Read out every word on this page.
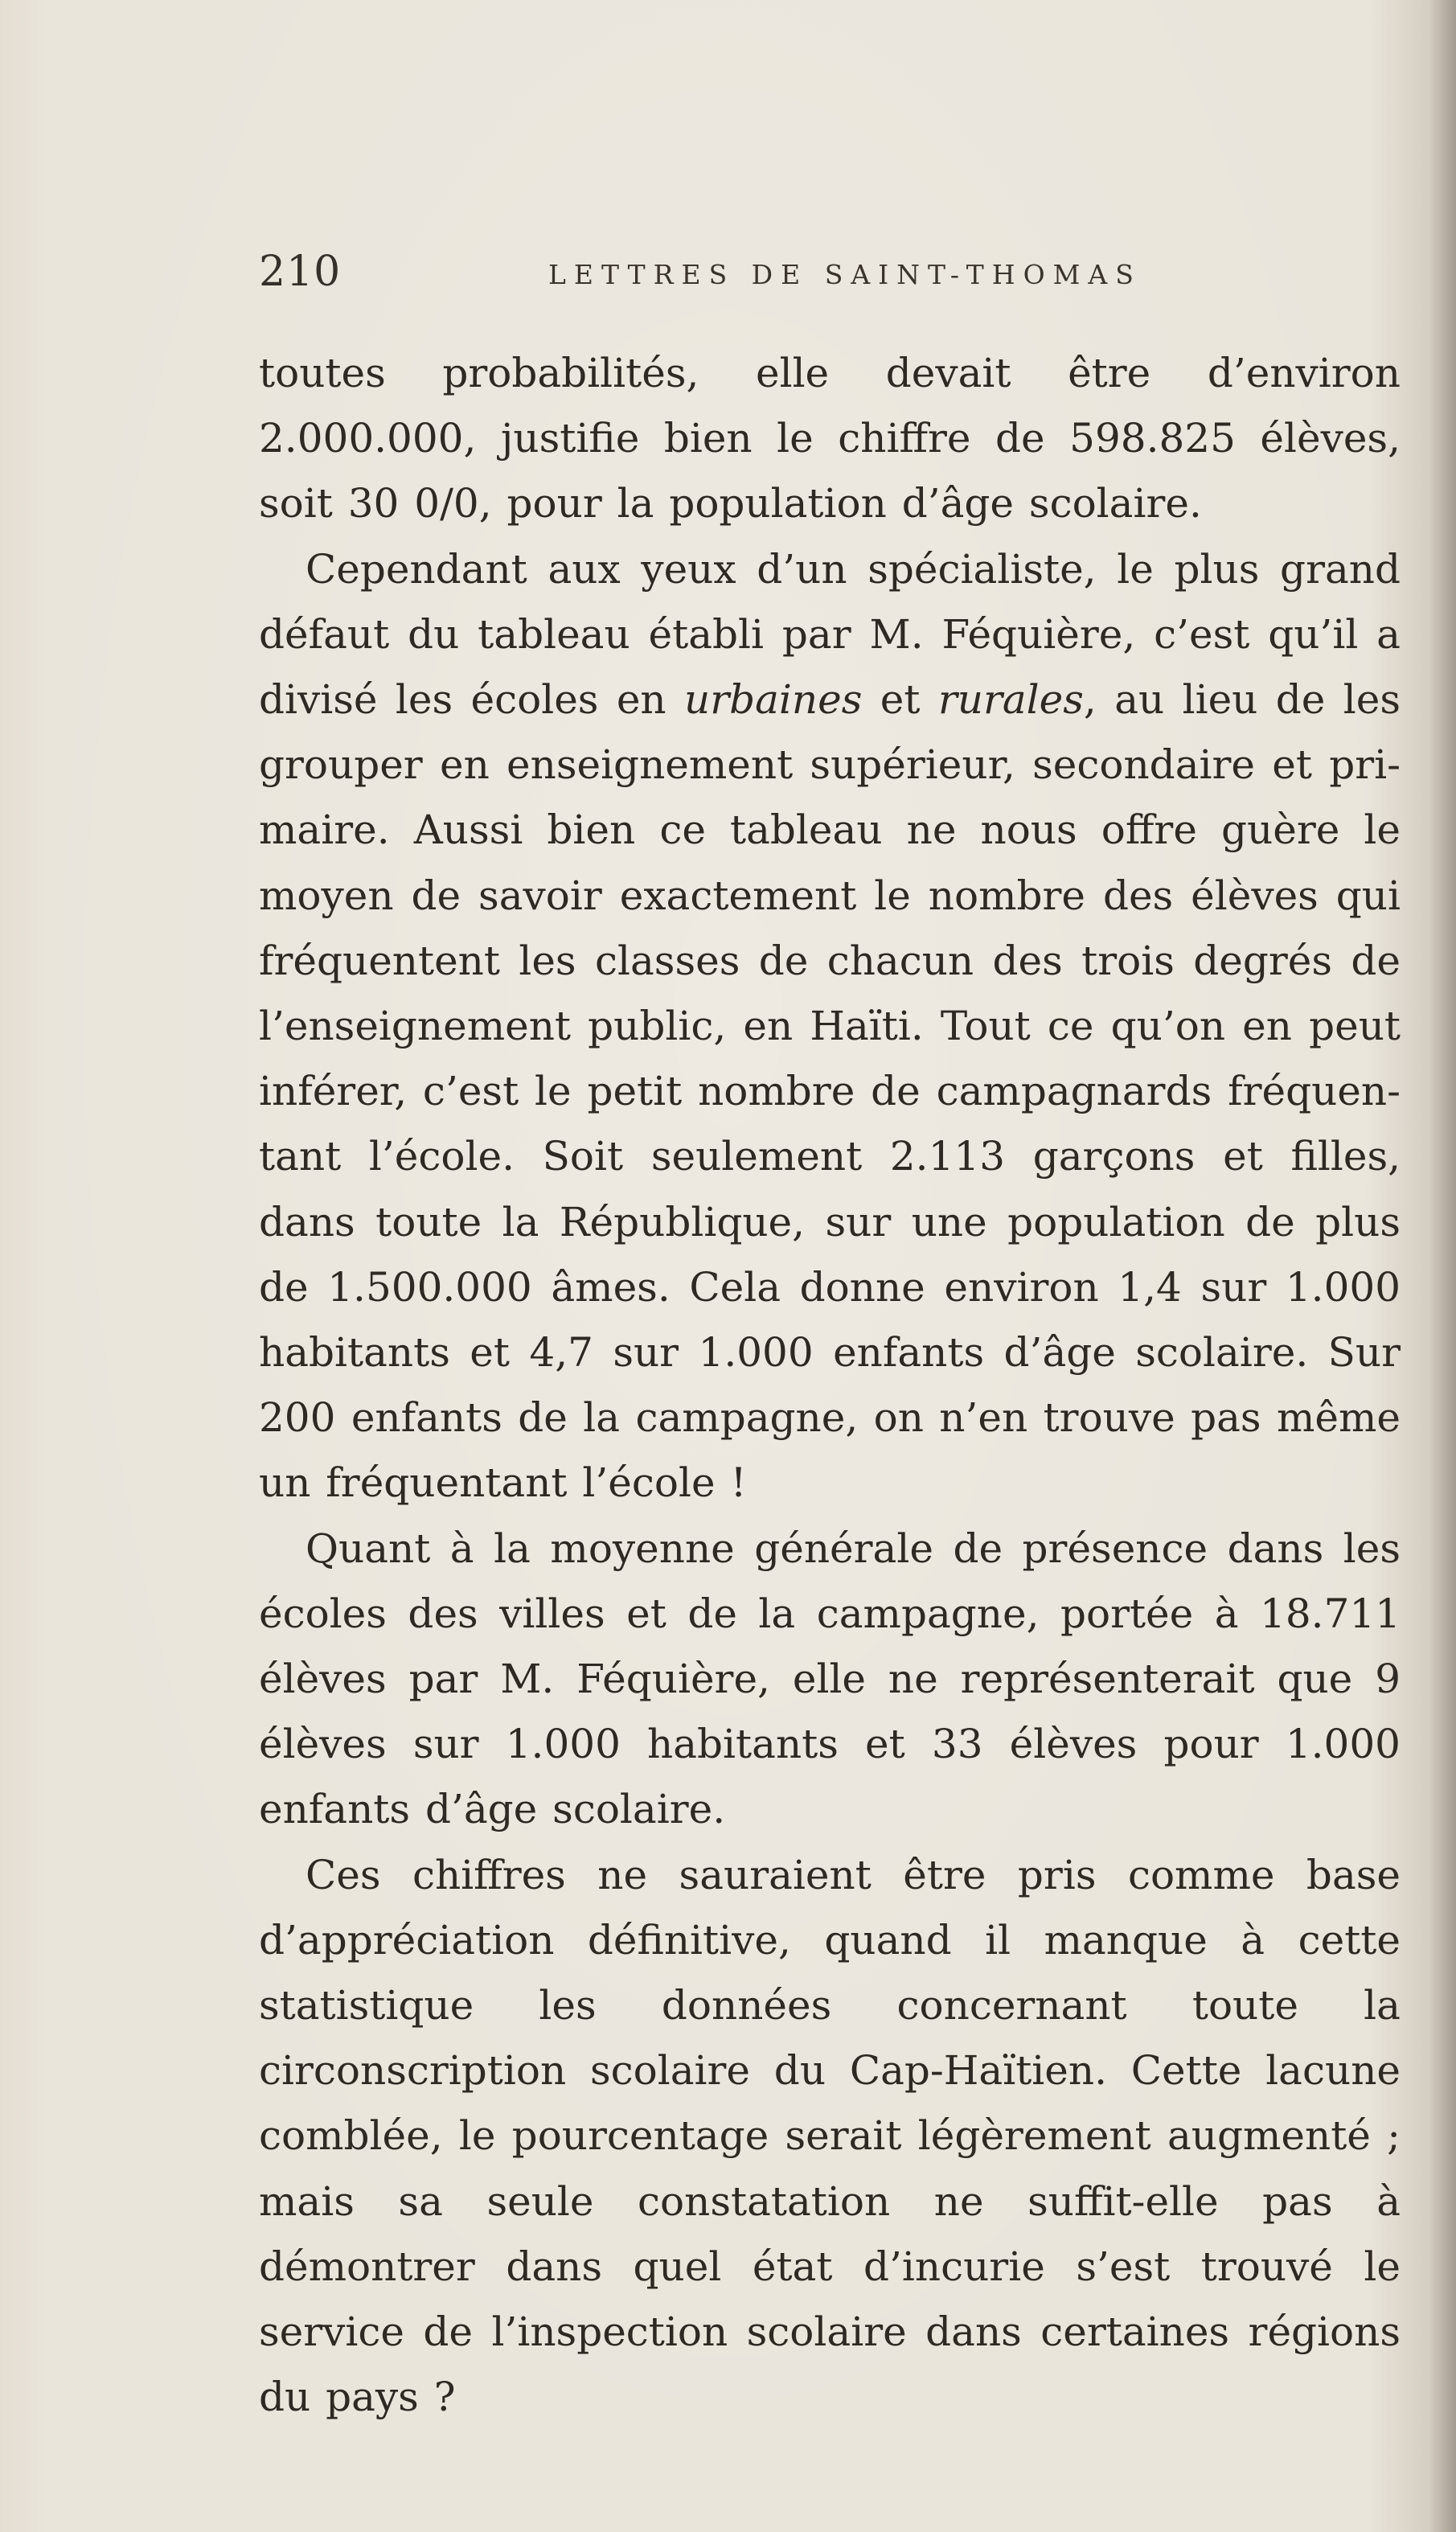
210	LETTRES DE SAINT-THOMAS

toutes probabilités, elle devait être d’environ 2.000.000, justifie bien le chiffre de 598.825 élèves, soit 30 0/0, pour la population d’âge scolaire.

Cependant aux yeux d’un spécialiste, le plus grand défaut du tableau établi par M. Féquière, c’est qu’il a divisé les écoles en urbaines et rurales, au lieu de les grouper en enseignement supérieur, secondaire et primaire. Aussi bien ce tableau ne nous offre guère le moyen de savoir exactement le nombre des élèves qui fréquentent les classes de chacun des trois degrés de l’enseignement public, en Haïti. Tout ce qu’on en peut inférer, c’est le petit nombre de campagnards fréquentant l’école. Soit seulement 2.113 garçons et filles, dans toute la République, sur une population de plus de 1.500.000 âmes. Cela donne environ 1,4 sur 1.000 habitants et 4,7 sur 1.000 enfants d’âge scolaire. Sur 200 enfants de la campagne, on n’en trouve pas même un fréquentant l’école !

Quant à la moyenne générale de présence dans les écoles des villes et de la campagne, portée à 18.711 élèves par M. Féquière, elle ne représenterait que 9 élèves sur 1.000 habitants et 33 élèves pour 1.000 enfants d’âge scolaire.

Ces chiffres ne sauraient être pris comme base d’appréciation définitive, quand il manque à cette statistique les données concernant toute la circonscription scolaire du Cap-Haïtien. Cette lacune comblée, le pourcentage serait légèrement augmenté ; mais sa seule constatation ne suffit-elle pas à démontrer dans quel état d’incurie s’est trouvé le service de l’inspection scolaire dans certaines régions du pays ?
